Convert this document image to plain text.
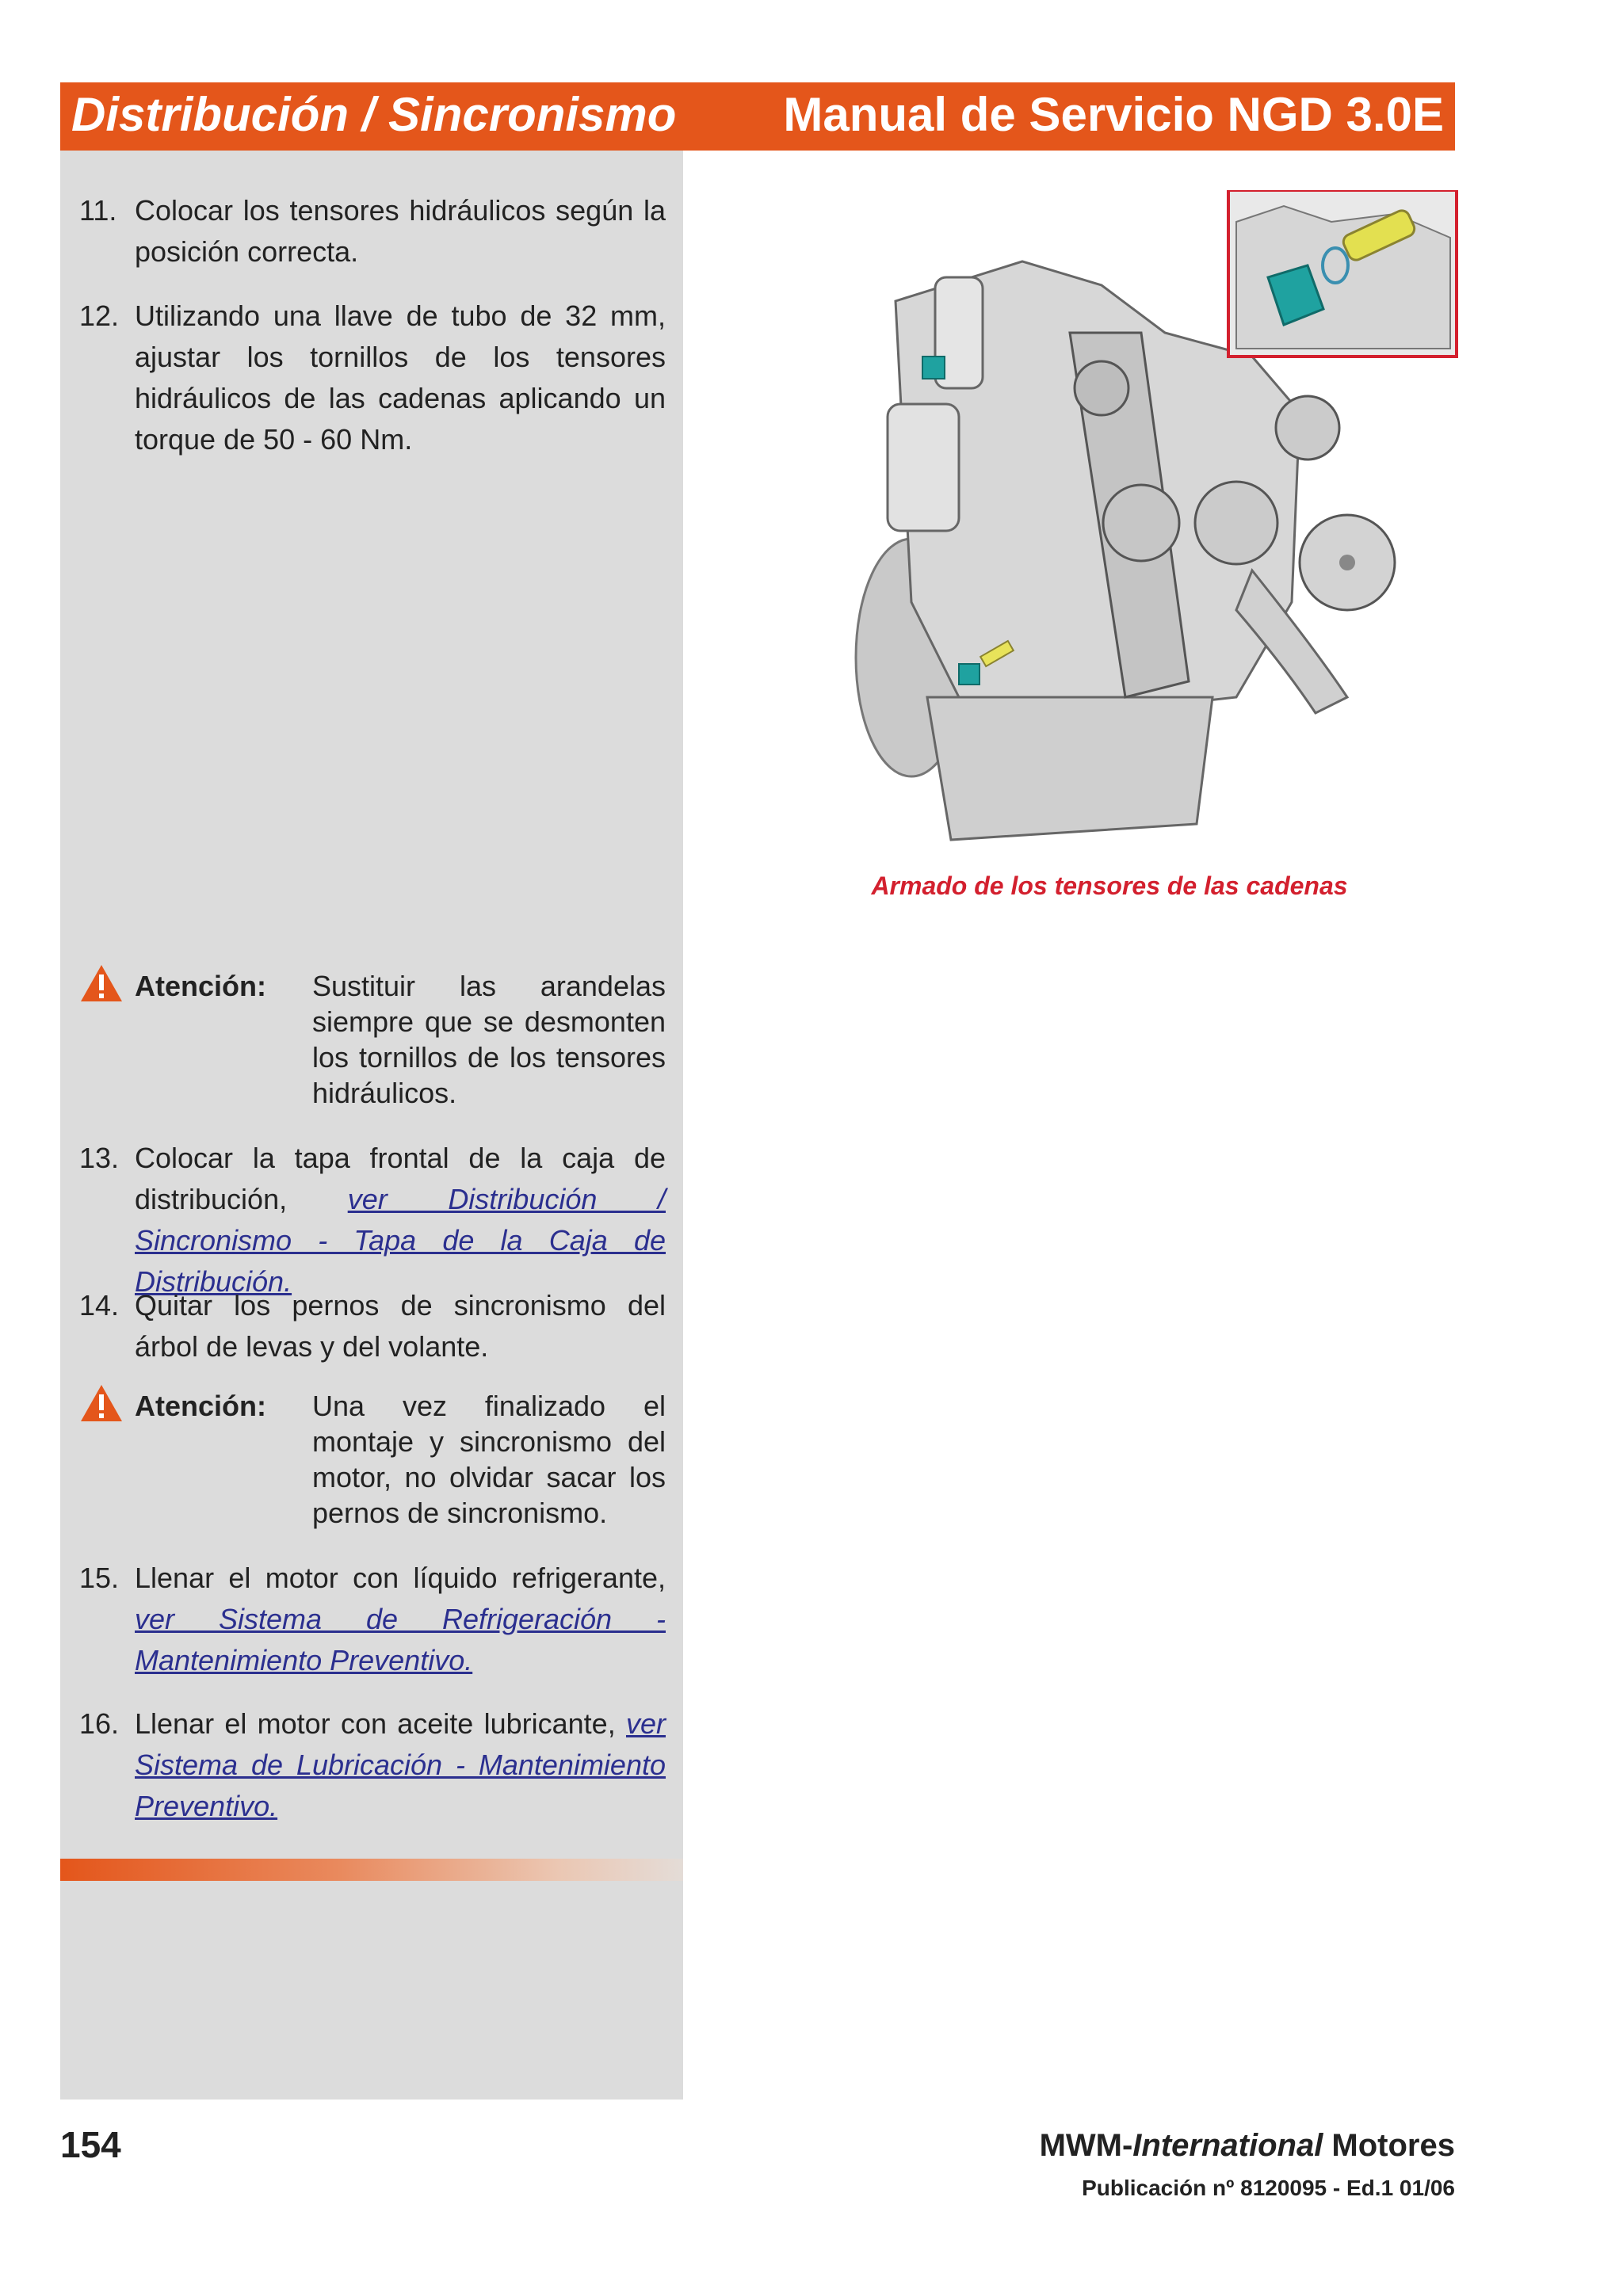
Distribución / Sincronismo Manual de Servicio NGD 3.0E
11. Colocar los tensores hidráulicos según la posición correcta.
12. Utilizando una llave de tubo de 32 mm, ajustar los tornillos de los tensores hidráulicos de las cadenas aplicando un torque de 50 - 60 Nm.
Atención: Sustituir las arandelas siempre que se desmonten los tornillos de los tensores hidráulicos.
13. Colocar la tapa frontal de la caja de distribución, ver Distribución / Sincronismo - Tapa de la Caja de Distribución.
14. Quitar los pernos de sincronismo del árbol de levas y del volante.
Atención: Una vez finalizado el montaje y sincronismo del motor, no olvidar sacar los pernos de sincronismo.
15. Llenar el motor con líquido refrigerante, ver Sistema de Refrigeración - Mantenimiento Preventivo.
16. Llenar el motor con aceite lubricante, ver Sistema de Lubricación - Mantenimiento Preventivo.
Armado de los tensores de las cadenas
154	MWM-International Motores
Publicación nº 8120095 - Ed.1 01/06
